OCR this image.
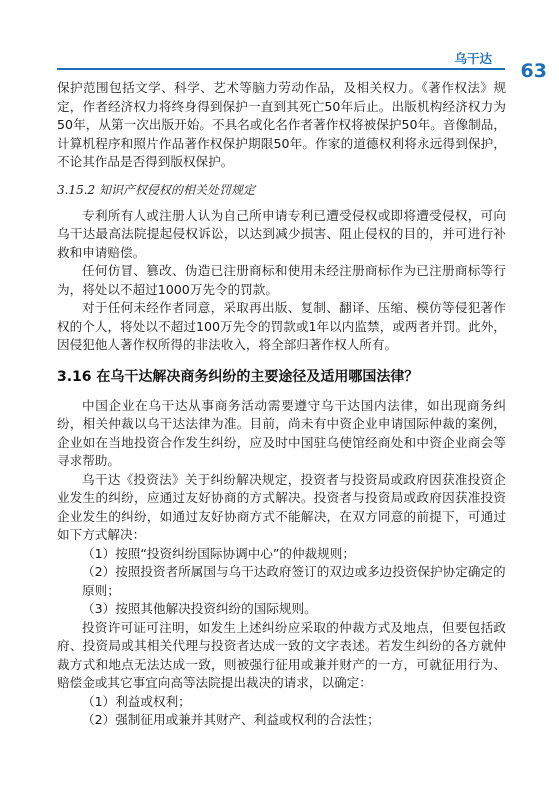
乌干达
63

保护范围包括文学、科学、艺术等脑力劳动作品，及相关权力。《著作权法》规定，作者经济权力将终身得到保护一直到其死亡50年后止。出版机构经济权力为50年，从第一次出版开始。不具名或化名作者著作权将被保护50年。音像制品，计算机程序和照片作品著作权保护期限50年。作家的道德权利将永远得到保护，不论其作品是否得到版权保护。

3.15.2 知识产权侵权的相关处罚规定

专利所有人或注册人认为自己所申请专利已遭受侵权或即将遭受侵权，可向乌干达最高法院提起侵权诉讼，以达到减少损害、阻止侵权的目的，并可进行补救和申请赔偿。

任何仿冒、篡改、伪造已注册商标和使用未经注册商标作为已注册商标等行为，将处以不超过1000万先令的罚款。

对于任何未经作者同意，采取再出版、复制、翻译、压缩、模仿等侵犯著作权的个人，将处以不超过100万先令的罚款或1年以内监禁，或两者并罚。此外，因侵犯他人著作权所得的非法收入，将全部归著作权人所有。

3.16 在乌干达解决商务纠纷的主要途径及适用哪国法律？

中国企业在乌干达从事商务活动需要遵守乌干达国内法律，如出现商务纠纷，相关仲裁以乌干达法律为准。目前，尚未有中资企业申请国际仲裁的案例，企业如在当地投资合作发生纠纷，应及时中国驻乌使馆经商处和中资企业商会等寻求帮助。

乌干达《投资法》关于纠纷解决规定，投资者与投资局或政府因获准投资企业发生的纠纷，应通过友好协商的方式解决。投资者与投资局或政府因获准投资企业发生的纠纷，如通过友好协商方式不能解决，在双方同意的前提下，可通过如下方式解决：

（1）按照“投资纠纷国际协调中心”的仲裁规则；

（2）按照投资者所属国与乌干达政府签订的双边或多边投资保护协定确定的原则；

（3）按照其他解决投资纠纷的国际规则。

投资许可证可注明，如发生上述纠纷应采取的仲裁方式及地点，但要包括政府、投资局或其相关代理与投资者达成一致的文字表述。若发生纠纷的各方就仲裁方式和地点无法达成一致，则被强行征用或兼并财产的一方，可就征用行为、赔偿金或其它事宜向高等法院提出裁决的请求，以确定：

（1）利益或权利；

（2）强制征用或兼并其财产、利益或权利的合法性；
